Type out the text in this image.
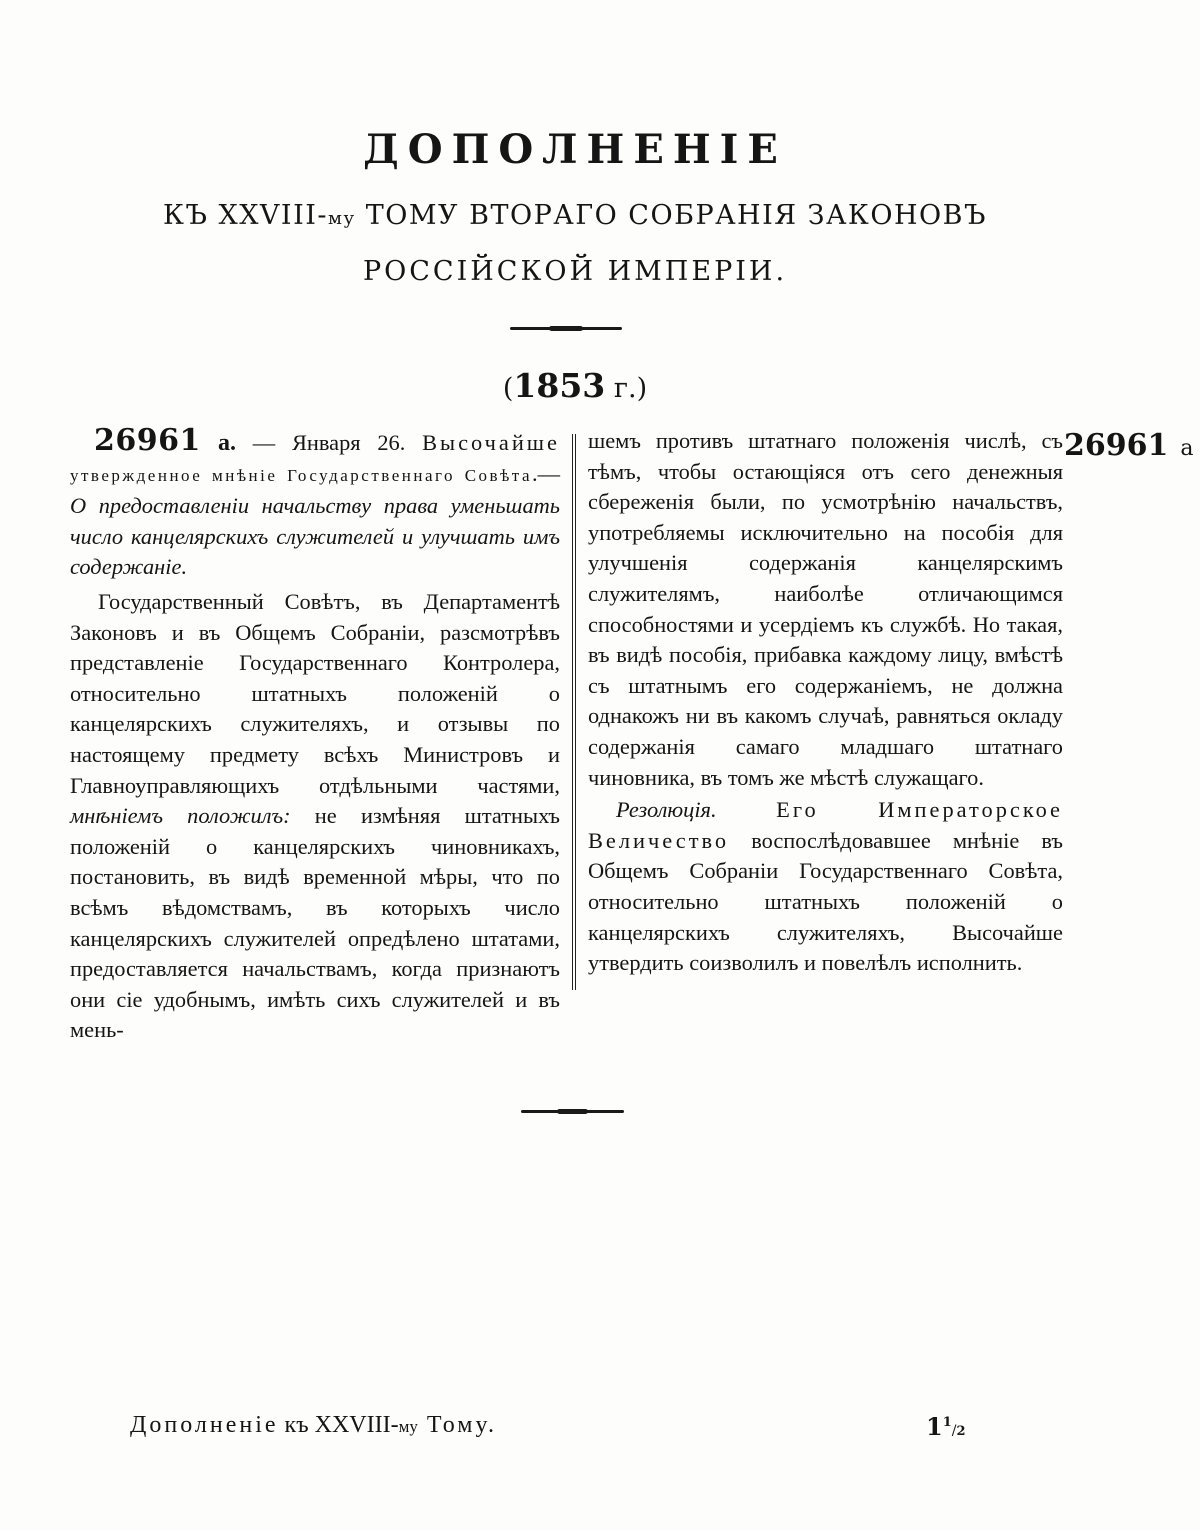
ДОПОЛНЕНІЕ
КЪ XXVIII-му ТОМУ ВТОРАГО СОБРАНІЯ ЗАКОНОВЪ
РОССІЙСКОЙ ИМПЕРІИ.
(1853 г.)

26961 а. — Января 26. Высочайше утвержденное мнѣніе Государственнаго Совѣта.—О предоставленіи начальству права уменьшать число канцелярскихъ служителей и улучшать имъ содержаніе.

Государственный Совѣтъ, въ Департаментѣ Законовъ и въ Общемъ Собраніи, разсмотрѣвъ представленіе Государственнаго Контролера, относительно штатныхъ положеній о канцелярскихъ служителяхъ, и отзывы по настоящему предмету всѣхъ Министровъ и Главноуправляющихъ отдѣльными частями, мнѣніемъ положилъ: не измѣняя штатныхъ положеній о канцелярскихъ чиновникахъ, постановить, въ видѣ временной мѣры, что по всѣмъ вѣдомствамъ, въ которыхъ число канцелярскихъ служителей опредѣлено штатами, предоставляется начальствамъ, когда признаютъ они сіе удобнымъ, имѣть сихъ служителей и въ мень-

шемъ противъ штатнаго положенія числѣ, съ тѣмъ, чтобы остающіяся отъ сего денежныя сбереженія были, по усмотрѣнію начальствъ, употребляемы исключительно на пособія для улучшенія содержанія канцелярскимъ служителямъ, наиболѣе отличающимся способностями и усердіемъ къ службѣ. Но такая, въ видѣ пособія, прибавка каждому лицу, вмѣстѣ съ штатнымъ его содержаніемъ, не должна однакожъ ни въ какомъ случаѣ, равняться окладу содержанія самаго младшаго штатнаго чиновника, въ томъ же мѣстѣ служащаго.

Резолюція. Его Императорское Величество воспослѣдовавшее мнѣніе въ Общемъ Собраніи Государственнаго Совѣта, относительно штатныхъ положеній о канцелярскихъ служителяхъ, Высочайше утвердить соизволилъ и повелѣлъ исполнить.

26961 а
Дополненіе къ XXVIII-му Тому.	$1^1/2$
